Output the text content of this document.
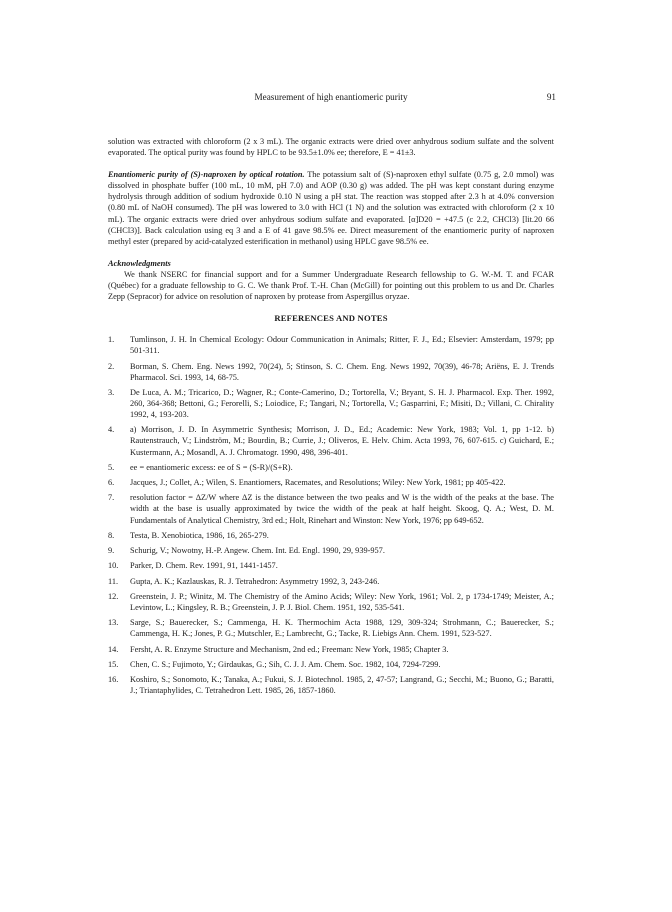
Measurement of high enantiomeric purity	91

solution was extracted with chloroform (2 x 3 mL). The organic extracts were dried over anhydrous sodium sulfate and the solvent evaporated. The optical purity was found by HPLC to be 93.5±1.0% ee; therefore, E = 41±3.

Enantiomeric purity of (S)-naproxen by optical rotation. The potassium salt of (S)-naproxen ethyl sulfate (0.75 g, 2.0 mmol) was dissolved in phosphate buffer (100 mL, 10 mM, pH 7.0) and AOP (0.30 g) was added. The pH was kept constant during enzyme hydrolysis through addition of sodium hydroxide 0.10 N using a pH stat. The reaction was stopped after 2.3 h at 4.0% conversion (0.80 mL of NaOH consumed). The pH was lowered to 3.0 with HCl (1 N) and the solution was extracted with chloroform (2 x 10 mL). The organic extracts were dried over anhydrous sodium sulfate and evaporated. [α]D20 = +47.5 (c 2.2, CHCl3) [lit.20 66 (CHCl3)]. Back calculation using eq 3 and a E of 41 gave 98.5% ee. Direct measurement of the enantiomeric purity of naproxen methyl ester (prepared by acid-catalyzed esterification in methanol) using HPLC gave 98.5% ee.

Acknowledgments

We thank NSERC for financial support and for a Summer Undergraduate Research fellowship to G. W.-M. T. and FCAR (Québec) for a graduate fellowship to G. C. We thank Prof. T.-H. Chan (McGill) for pointing out this problem to us and Dr. Charles Zepp (Sepracor) for advice on resolution of naproxen by protease from Aspergillus oryzae.

REFERENCES AND NOTES
1.	Tumlinson, J. H. In Chemical Ecology: Odour Communication in Animals; Ritter, F. J., Ed.; Elsevier: Amsterdam, 1979; pp 501-311.
2.	Borman, S. Chem. Eng. News 1992, 70(24), 5; Stinson, S. C. Chem. Eng. News 1992, 70(39), 46-78; Ariëns, E. J. Trends Pharmacol. Sci. 1993, 14, 68-75.
3.	De Luca, A. M.; Tricarico, D.; Wagner, R.; Conte-Camerino, D.; Tortorella, V.; Bryant, S. H. J. Pharmacol. Exp. Ther. 1992, 260, 364-368; Bettoni, G.; Ferorelli, S.; Loiodice, F.; Tangari, N.; Tortorella, V.; Gasparrini, F.; Misiti, D.; Villani, C. Chirality 1992, 4, 193-203.
4.	a) Morrison, J. D. In Asymmetric Synthesis; Morrison, J. D., Ed.; Academic: New York, 1983; Vol. 1, pp 1-12. b) Rautenstrauch, V.; Lindström, M.; Bourdin, B.; Currie, J.; Oliveros, E. Helv. Chim. Acta 1993, 76, 607-615. c) Guichard, E.; Kustermann, A.; Mosandl, A. J. Chromatogr. 1990, 498, 396-401.
5.	ee = enantiomeric excess: ee of S = (S-R)/(S+R).
6.	Jacques, J.; Collet, A.; Wilen, S. Enantiomers, Racemates, and Resolutions; Wiley: New York, 1981; pp 405-422.
7.	resolution factor = ΔZ/W where ΔZ is the distance between the two peaks and W is the width of the peaks at the base. The width at the base is usually approximated by twice the width of the peak at half height. Skoog, Q. A.; West, D. M. Fundamentals of Analytical Chemistry, 3rd ed.; Holt, Rinehart and Winston: New York, 1976; pp 649-652.
8.	Testa, B. Xenobiotica, 1986, 16, 265-279.
9.	Schurig, V.; Nowotny, H.-P. Angew. Chem. Int. Ed. Engl. 1990, 29, 939-957.
10.	Parker, D. Chem. Rev. 1991, 91, 1441-1457.
11.	Gupta, A. K.; Kazlauskas, R. J. Tetrahedron: Asymmetry 1992, 3, 243-246.
12.	Greenstein, J. P.; Winitz, M. The Chemistry of the Amino Acids; Wiley: New York, 1961; Vol. 2, p 1734-1749; Meister, A.; Levintow, L.; Kingsley, R. B.; Greenstein, J. P. J. Biol. Chem. 1951, 192, 535-541.
13.	Sarge, S.; Bauerecker, S.; Cammenga, H. K. Thermochim Acta 1988, 129, 309-324; Strohmann, C.; Bauerecker, S.; Cammenga, H. K.; Jones, P. G.; Mutschler, E.; Lambrecht, G.; Tacke, R. Liebigs Ann. Chem. 1991, 523-527.
14.	Fersht, A. R. Enzyme Structure and Mechanism, 2nd ed.; Freeman: New York, 1985; Chapter 3.
15.	Chen, C. S.; Fujimoto, Y.; Girdaukas, G.; Sih, C. J. J. Am. Chem. Soc. 1982, 104, 7294-7299.
16.	Koshiro, S.; Sonomoto, K.; Tanaka, A.; Fukui, S. J. Biotechnol. 1985, 2, 47-57; Langrand, G.; Secchi, M.; Buono, G.; Baratti, J.; Triantaphylides, C. Tetrahedron Lett. 1985, 26, 1857-1860.
